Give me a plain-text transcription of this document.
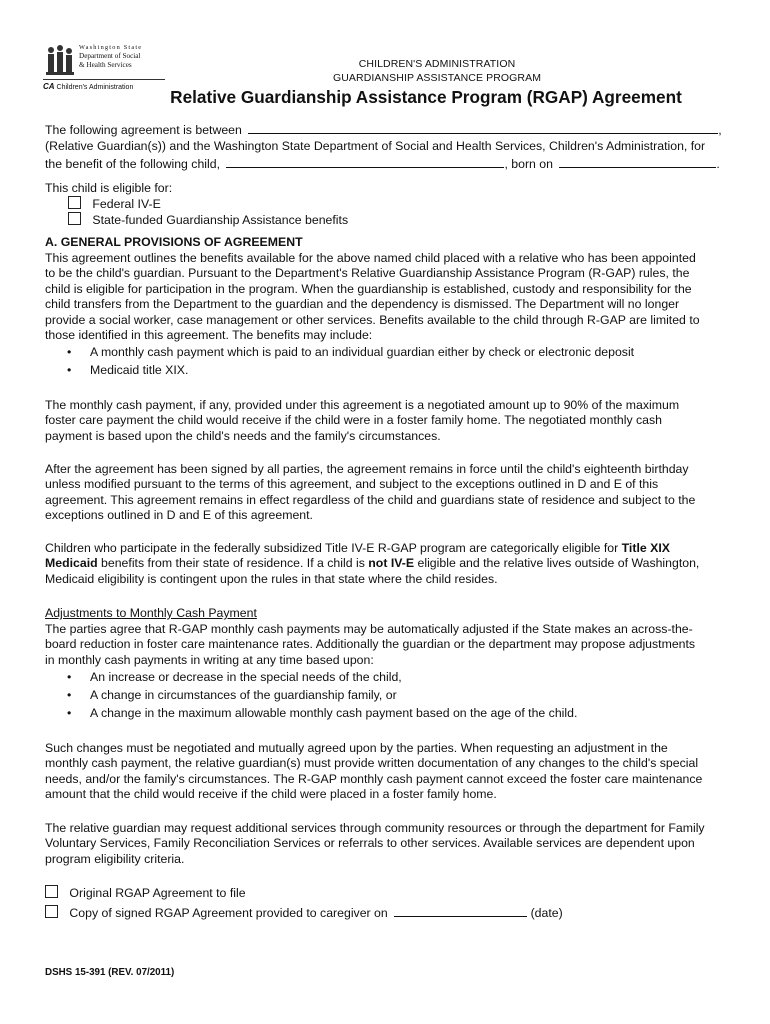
Washington State
Department of Social
& Health Services
CA Children's Administration
CHILDREN'S ADMINISTRATION
GUARDIANSHIP ASSISTANCE PROGRAM
Relative Guardianship Assistance Program (RGAP) Agreement
The following agreement is between	,
(Relative Guardian(s)) and the Washington State Department of Social and Health Services, Children's Administration, for
the benefit of the following child,	, born on	.
This child is eligible for:
Federal IV-E
State-funded Guardianship Assistance benefits
A. GENERAL PROVISIONS OF AGREEMENT
This agreement outlines the benefits available for the above named child placed with a relative who has been appointed
to be the child's guardian. Pursuant to the Department's Relative Guardianship Assistance Program (R-GAP) rules, the
child is eligible for participation in the program. When the guardianship is established, custody and responsibility for the
child transfers from the Department to the guardian and the dependency is dismissed. The Department will no longer
provide a social worker, case management or other services. Benefits available to the child through R-GAP are limited to
those identified in this agreement. The benefits may include:
• A monthly cash payment which is paid to an individual guardian either by check or electronic deposit
• Medicaid title XIX.
The monthly cash payment, if any, provided under this agreement is a negotiated amount up to 90% of the maximum
foster care payment the child would receive if the child were in a foster family home. The negotiated monthly cash
payment is based upon the child's needs and the family's circumstances.
After the agreement has been signed by all parties, the agreement remains in force until the child's eighteenth birthday
unless modified pursuant to the terms of this agreement, and subject to the exceptions outlined in D and E of this
agreement. This agreement remains in effect regardless of the child and guardians state of residence and subject to the
exceptions outlined in D and E of this agreement.
Children who participate in the federally subsidized Title IV-E R-GAP program are categorically eligible for Title XIX
Medicaid benefits from their state of residence. If a child is not IV-E eligible and the relative lives outside of Washington,
Medicaid eligibility is contingent upon the rules in that state where the child resides.
Adjustments to Monthly Cash Payment
The parties agree that R-GAP monthly cash payments may be automatically adjusted if the State makes an across-the-
board reduction in foster care maintenance rates. Additionally the guardian or the department may propose adjustments
in monthly cash payments in writing at any time based upon:
• An increase or decrease in the special needs of the child,
• A change in circumstances of the guardianship family, or
• A change in the maximum allowable monthly cash payment based on the age of the child.
Such changes must be negotiated and mutually agreed upon by the parties. When requesting an adjustment in the
monthly cash payment, the relative guardian(s) must provide written documentation of any changes to the child's special
needs, and/or the family's circumstances. The R-GAP monthly cash payment cannot exceed the foster care maintenance
amount that the child would receive if the child were placed in a foster family home.
The relative guardian may request additional services through community resources or through the department for Family
Voluntary Services, Family Reconciliation Services or referrals to other services. Available services are dependent upon
program eligibility criteria.
Original RGAP Agreement to file
Copy of signed RGAP Agreement provided to caregiver on	(date)
DSHS 15-391 (REV. 07/2011)
